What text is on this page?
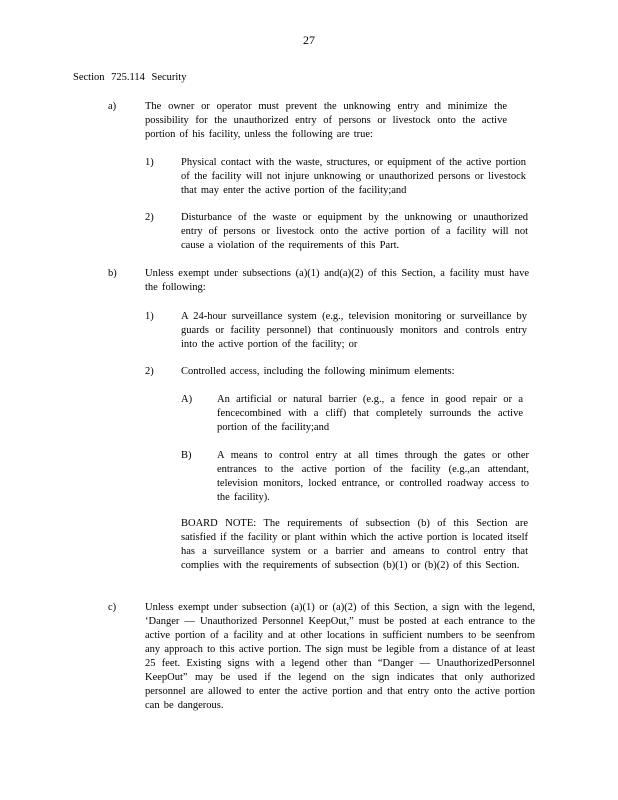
27
Section 725.114 Security
a)	The owner or operator must prevent the unknowing entry and minimize the possibility for the unauthorized entry of persons or livestock onto the active portion of his facility, unless the following are true:
1)	Physical contact with the waste, structures, or equipment of the active portion of the facility will not injure unknowing or unauthorized persons or livestock that may enter the active portion of the facility;and
2)	Disturbance of the waste or equipment by the unknowing or unauthorized entry of persons or livestock onto the active portion of a facility will not cause a violation of the requirements of this Part.
b)	Unless exempt under subsections (a)(1) and(a)(2) of this Section, a facility must have the following:
1)	A 24-hour surveillance system (e.g., television monitoring or surveillance by guards or facility personnel) that continuously monitors and controls entry into the active portion of the facility; or
2)	Controlled access, including the following minimum elements:
A) An artificial or natural barrier (e.g., a fence in good repair or a fencecombined with a cliff) that completely surrounds the active portion of the facility;and
B) A means to control entry at all times through the gates or other entrances to the active portion of the facility (e.g.,an attendant, television monitors, locked entrance, or controlled roadway access to the facility).
BOARD NOTE: The requirements of subsection (b) of this Section are satisfied if the facility or plant within which the active portion is located itself has a surveillance system or a barrier and ameans to control entry that complies with the requirements of subsection (b)(1) or (b)(2) of this Section.
c)	Unless exempt under subsection (a)(1) or (a)(2) of this Section, a sign with the legend, ‘Danger — Unauthorized Personnel KeepOut,” must be posted at each entrance to the active portion of a facility and at other locations in sufficient numbers to be seenfrom any approach to this active portion. The sign must be legible from a distance of at least 25 feet. Existing signs with a legend other than “Danger — UnauthorizedPersonnel KeepOut” may be used if the legend on the sign indicates that only authorized personnel are allowed to enter the active portion and that entry onto the active portion can be dangerous.
